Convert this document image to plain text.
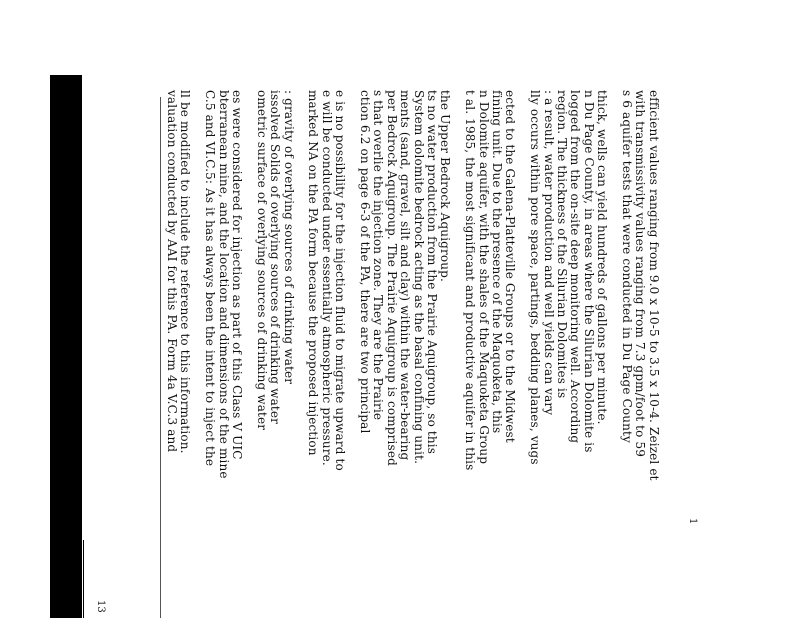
13
valuation conducted by AAI for this PA. Form 4a V.C.3 and ll be modified to include the reference to this information. C.5 and VI.C.5: As it has always been the intent to inject the bterranean mine, and the location and dimensions of the mine es were considered for injection as part of this Class V UIC ometric surface of overlying sources of drinking water issolved Solids of overlying sources of drinking water : gravity of overlying sources of drinking water marked NA on the PA form because the proposed injection e will be conducted under essentially atmospheric pressure. e is no possibility for the injection fluid to migrate upward to ction 6.2 on page 6-3 of the PA, there are two principal s that overlie the injection zone. They are the Prairie per Bedrock Aquigroup. The Prairie Aquigroup is comprised ments (sand, gravel, silt and clay) within the water-bearing System dolomite bedrock acting as the basal confining unit. ts no water production from the Prairie Aquigroup, so this the Upper Bedrock Aquigroup. t al. 1985, the most significant and productive aquifer in this n Dolomite aquifer, with the shales of the Maquoketa Group fining unit. Due to the presence of the Maquoketa, this ected to the Galena-Platteville Groups or to the Midwest lly occurs within pore space, partings, bedding planes, vugs : a result, water production and well yields can vary region. The thickness of the Silurian Dolomites is logged from the on-site deep monitoring well. According n Du Page County, in areas where the Silurian Dolomite is thick, wells can yield hundreds of gallons per minute. s 6 aquifer tests that were conducted in Du Page County with transmissivity values ranging from 7.3 gpm/foot to 59 efficient values ranging from 9.0 x 10-5 to 3.5 x 10-4. Zeizel et
1
